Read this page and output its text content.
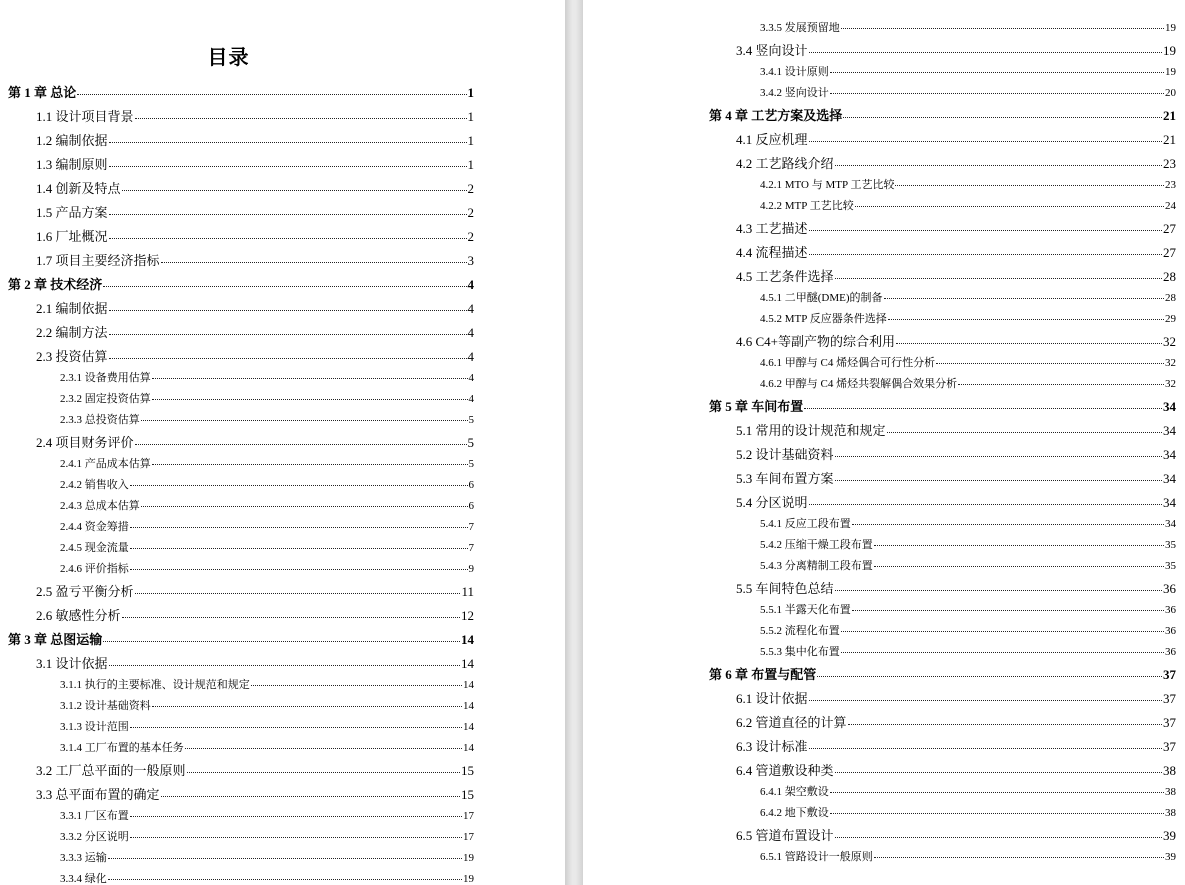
目录
第 1 章 总论	1
1.1 设计项目背景	1
1.2 编制依据	1
1.3 编制原则	1
1.4 创新及特点	2
1.5 产品方案	2
1.6 厂址概况	2
1.7 项目主要经济指标	3
第 2 章 技术经济	4
2.1 编制依据	4
2.2 编制方法	4
2.3 投资估算	4
2.3.1 设备费用估算	4
2.3.2 固定投资估算	4
2.3.3 总投资估算	5
2.4 项目财务评价	5
2.4.1 产品成本估算	5
2.4.2 销售收入	6
2.4.3 总成本估算	6
2.4.4 资金筹措	7
2.4.5 现金流量	7
2.4.6 评价指标	9
2.5 盈亏平衡分析	11
2.6 敏感性分析	12
第 3 章 总图运输	14
3.1 设计依据	14
3.1.1 执行的主要标准、设计规范和规定	14
3.1.2 设计基础资料	14
3.1.3 设计范围	14
3.1.4 工厂布置的基本任务	14
3.2 工厂总平面的一般原则	15
3.3 总平面布置的确定	15
3.3.1 厂区布置	17
3.3.2 分区说明	17
3.3.3 运输	19
3.3.4 绿化	19
3.3.5 发展预留地	19
3.4 竖向设计	19
3.4.1 设计原则	19
3.4.2 竖向设计	20
第 4 章 工艺方案及选择	21
4.1 反应机理	21
4.2 工艺路线介绍	23
4.2.1 MTO 与 MTP 工艺比较	23
4.2.2 MTP 工艺比较	24
4.3 工艺描述	27
4.4 流程描述	27
4.5 工艺条件选择	28
4.5.1 二甲醚(DME)的制备	28
4.5.2 MTP 反应器条件选择	29
4.6 C4+等副产物的综合利用	32
4.6.1 甲醇与 C4 烯烃偶合可行性分析	32
4.6.2 甲醇与 C4 烯烃共裂解偶合效果分析	32
第 5 章 车间布置	34
5.1 常用的设计规范和规定	34
5.2 设计基础资料	34
5.3 车间布置方案	34
5.4 分区说明	34
5.4.1 反应工段布置	34
5.4.2 压缩干燥工段布置	35
5.4.3 分离精制工段布置	35
5.5 车间特色总结	36
5.5.1 半露天化布置	36
5.5.2 流程化布置	36
5.5.3 集中化布置	36
第 6 章 布置与配管	37
6.1 设计依据	37
6.2 管道直径的计算	37
6.3 设计标准	37
6.4 管道敷设种类	38
6.4.1 架空敷设	38
6.4.2 地下敷设	38
6.5 管道布置设计	39
6.5.1 管路设计一般原则	39
